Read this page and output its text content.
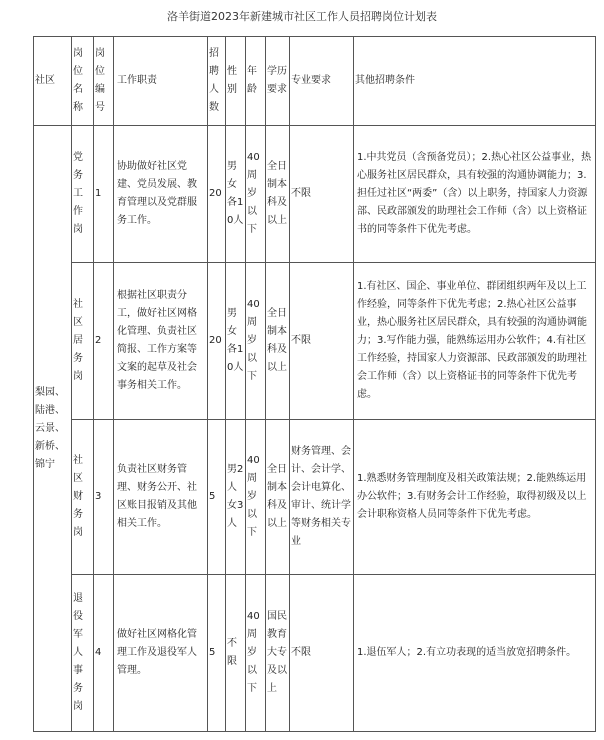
洛羊街道2023年新建城市社区工作人员招聘岗位计划表
社区	岗位名称	岗位编号	工作职责	招聘人数	性别	年龄	学历要求	专业要求	其他招聘条件
梨园、陆港、云景、新桥、锦宁	党务工作岗	1	协助做好社区党建、党员发展、教育管理以及党群服务工作。	20	男女各10人	40周岁以下	全日制本科及以上	不限	1.中共党员（含预备党员）；2.热心社区公益事业，热心服务社区居民群众，具有较强的沟通协调能力；3.担任过社区“两委”（含）以上职务，持国家人力资源部、民政部颁发的助理社会工作师（含）以上资格证书的同等条件下优先考虑。
	社区居务岗	2	根据社区职责分工，做好社区网格化管理、负责社区简报、工作方案等文案的起草及社会事务相关工作。	20	男女各10人	40周岁以下	全日制本科及以上	不限	1.有社区、国企、事业单位、群团组织两年及以上工作经验，同等条件下优先考虑；2.热心社区公益事业，热心服务社区居民群众，具有较强的沟通协调能力；3.写作能力强，能熟练运用办公软件；4.有社区工作经验，持国家人力资源部、民政部颁发的助理社会工作师（含）以上资格证书的同等条件下优先考虑。
	社区财务岗	3	负责社区财务管理、财务公开、社区账目报销及其他相关工作。	5	男2人女3人	40周岁以下	全日制本科及以上	财务管理、会计、会计学、会计电算化、审计、统计学等财务相关专业	1.熟悉财务管理制度及相关政策法规；2.能熟练运用办公软件；3.有财务会计工作经验，取得初级及以上会计职称资格人员同等条件下优先考虑。
	退役军人事务岗	4	做好社区网格化管理工作及退役军人管理。	5	不限	40周岁以下	国民教育大专及以上	不限	1.退伍军人；2.有立功表现的适当放宽招聘条件。
